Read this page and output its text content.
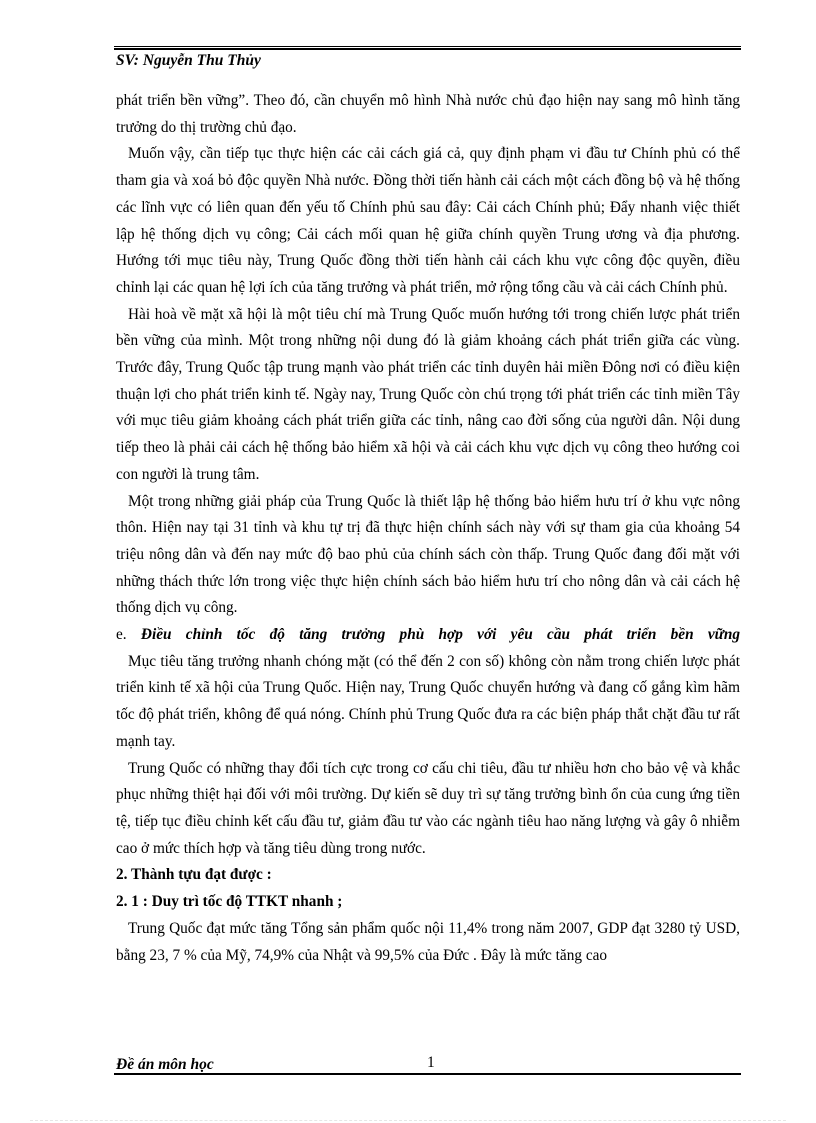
SV: Nguyễn Thu Thủy

phát triển bền vững”. Theo đó, cần chuyển mô hình Nhà nước chủ đạo hiện nay sang mô hình tăng trưởng do thị trường chủ đạo.

Muốn vậy, cần tiếp tục thực hiện các cải cách giá cả, quy định phạm vi đầu tư Chính phủ có thể tham gia và xoá bỏ độc quyền Nhà nước. Đồng thời tiến hành cải cách một cách đồng bộ và hệ thống các lĩnh vực có liên quan đến yếu tố Chính phủ sau đây: Cải cách Chính phủ; Đẩy nhanh việc thiết lập hệ thống dịch vụ công; Cải cách mối quan hệ giữa chính quyền Trung ương và địa phương. Hướng tới mục tiêu này, Trung Quốc đồng thời tiến hành cải cách khu vực công độc quyền, điều chỉnh lại các quan hệ lợi ích của tăng trưởng và phát triển, mở rộng tổng cầu và cải cách Chính phủ.

Hài hoà về mặt xã hội là một tiêu chí mà Trung Quốc muốn hướng tới trong chiến lược phát triển bền vững của mình. Một trong những nội dung đó là giảm khoảng cách phát triển giữa các vùng. Trước đây, Trung Quốc tập trung mạnh vào phát triển các tỉnh duyên hải miền Đông nơi có điều kiện thuận lợi cho phát triển kinh tế. Ngày nay, Trung Quốc còn chú trọng tới phát triển các tỉnh miền Tây với mục tiêu giảm khoảng cách phát triển giữa các tỉnh, nâng cao đời sống của người dân. Nội dung tiếp theo là phải cải cách hệ thống bảo hiểm xã hội và cải cách khu vực dịch vụ công theo hướng coi con người là trung tâm.

Một trong những giải pháp của Trung Quốc là thiết lập hệ thống bảo hiểm hưu trí ở khu vực nông thôn. Hiện nay tại 31 tỉnh và khu tự trị đã thực hiện chính sách này với sự tham gia của khoảng 54 triệu nông dân và đến nay mức độ bao phủ của chính sách còn thấp. Trung Quốc đang đối mặt với những thách thức lớn trong việc thực hiện chính sách bảo hiểm hưu trí cho nông dân và cải cách hệ thống dịch vụ công.

e. Điều chỉnh tốc độ tăng trưởng phù hợp với yêu cầu phát triển bền vững

Mục tiêu tăng trưởng nhanh chóng mặt (có thể đến 2 con số) không còn nằm trong chiến lược phát triển kinh tế xã hội của Trung Quốc. Hiện nay, Trung Quốc chuyển hướng và đang cố gắng kìm hãm tốc độ phát triển, không để quá nóng. Chính phủ Trung Quốc đưa ra các biện pháp thắt chặt đầu tư rất mạnh tay.

Trung Quốc có những thay đổi tích cực trong cơ cấu chi tiêu, đầu tư nhiều hơn cho bảo vệ và khắc phục những thiệt hại đối với môi trường. Dự kiến sẽ duy trì sự tăng trưởng bình ổn của cung ứng tiền tệ, tiếp tục điều chỉnh kết cấu đầu tư, giảm đầu tư vào các ngành tiêu hao năng lượng và gây ô nhiễm cao ở mức thích hợp và tăng tiêu dùng trong nước.

2. Thành tựu đạt được :

2. 1 : Duy trì tốc độ TTKT nhanh ;

Trung Quốc đạt mức tăng Tổng sản phẩm quốc nội 11,4% trong năm 2007, GDP đạt 3280 tỷ USD, bằng 23, 7 % của Mỹ, 74,9% của Nhật và 99,5% của Đức . Đây là mức tăng cao

Đề án môn học	1
